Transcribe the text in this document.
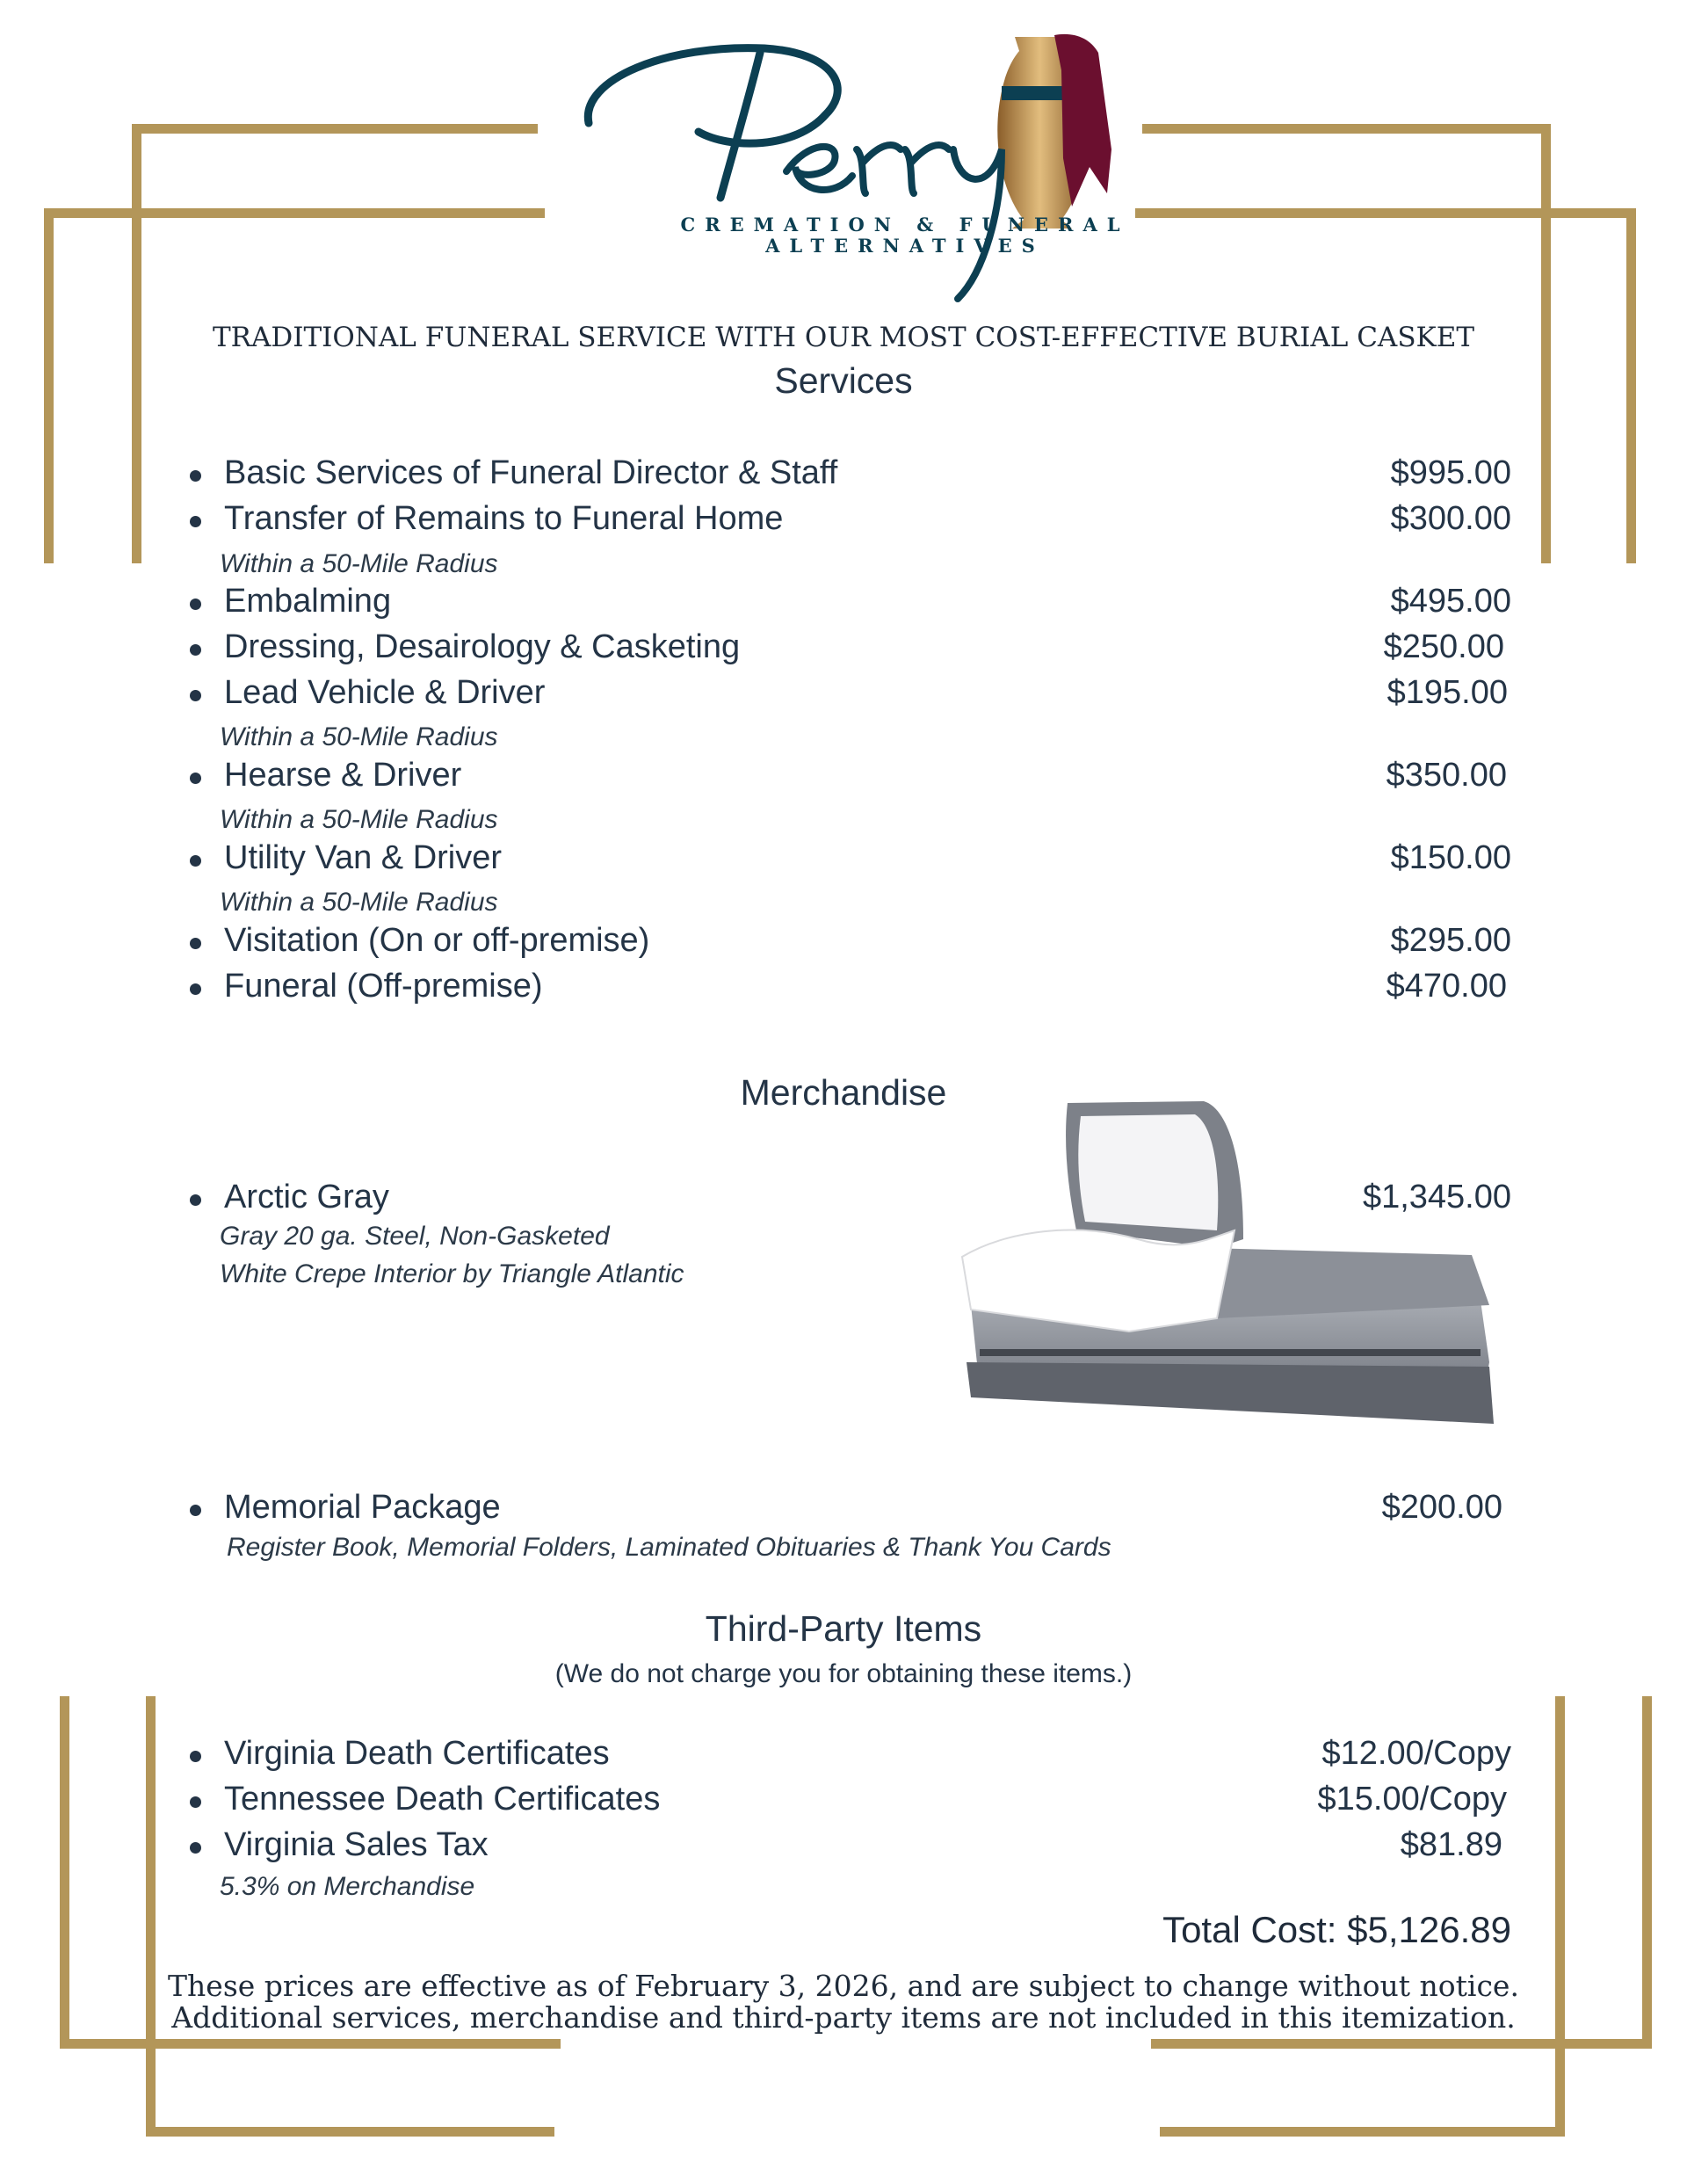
CREMATION & FUNERAL
ALTERNATIVES
TRADITIONAL FUNERAL SERVICE WITH OUR MOST COST-EFFECTIVE BURIAL CASKET
Services
Basic Services of Funeral Director & Staff	$995.00
Transfer of Remains to Funeral Home	$300.00
Within a 50-Mile Radius
Embalming	$495.00
Dressing, Desairology & Casketing	$250.00
Lead Vehicle & Driver	$195.00
Within a 50-Mile Radius
Hearse & Driver	$350.00
Within a 50-Mile Radius
Utility Van & Driver	$150.00
Within a 50-Mile Radius
Visitation (On or off-premise)	$295.00
Funeral (Off-premise)	$470.00
Merchandise
Arctic Gray	$1,345.00
Gray 20 ga. Steel, Non-Gasketed
White Crepe Interior by Triangle Atlantic
Memorial Package	$200.00
Register Book, Memorial Folders, Laminated Obituaries & Thank You Cards
Third-Party Items
(We do not charge you for obtaining these items.)
Virginia Death Certificates	$12.00/Copy
Tennessee Death Certificates	$15.00/Copy
Virginia Sales Tax	$81.89
5.3% on Merchandise
Total Cost: $5,126.89
These prices are effective as of February 3, 2026, and are subject to change without notice.
Additional services, merchandise and third-party items are not included in this itemization.
